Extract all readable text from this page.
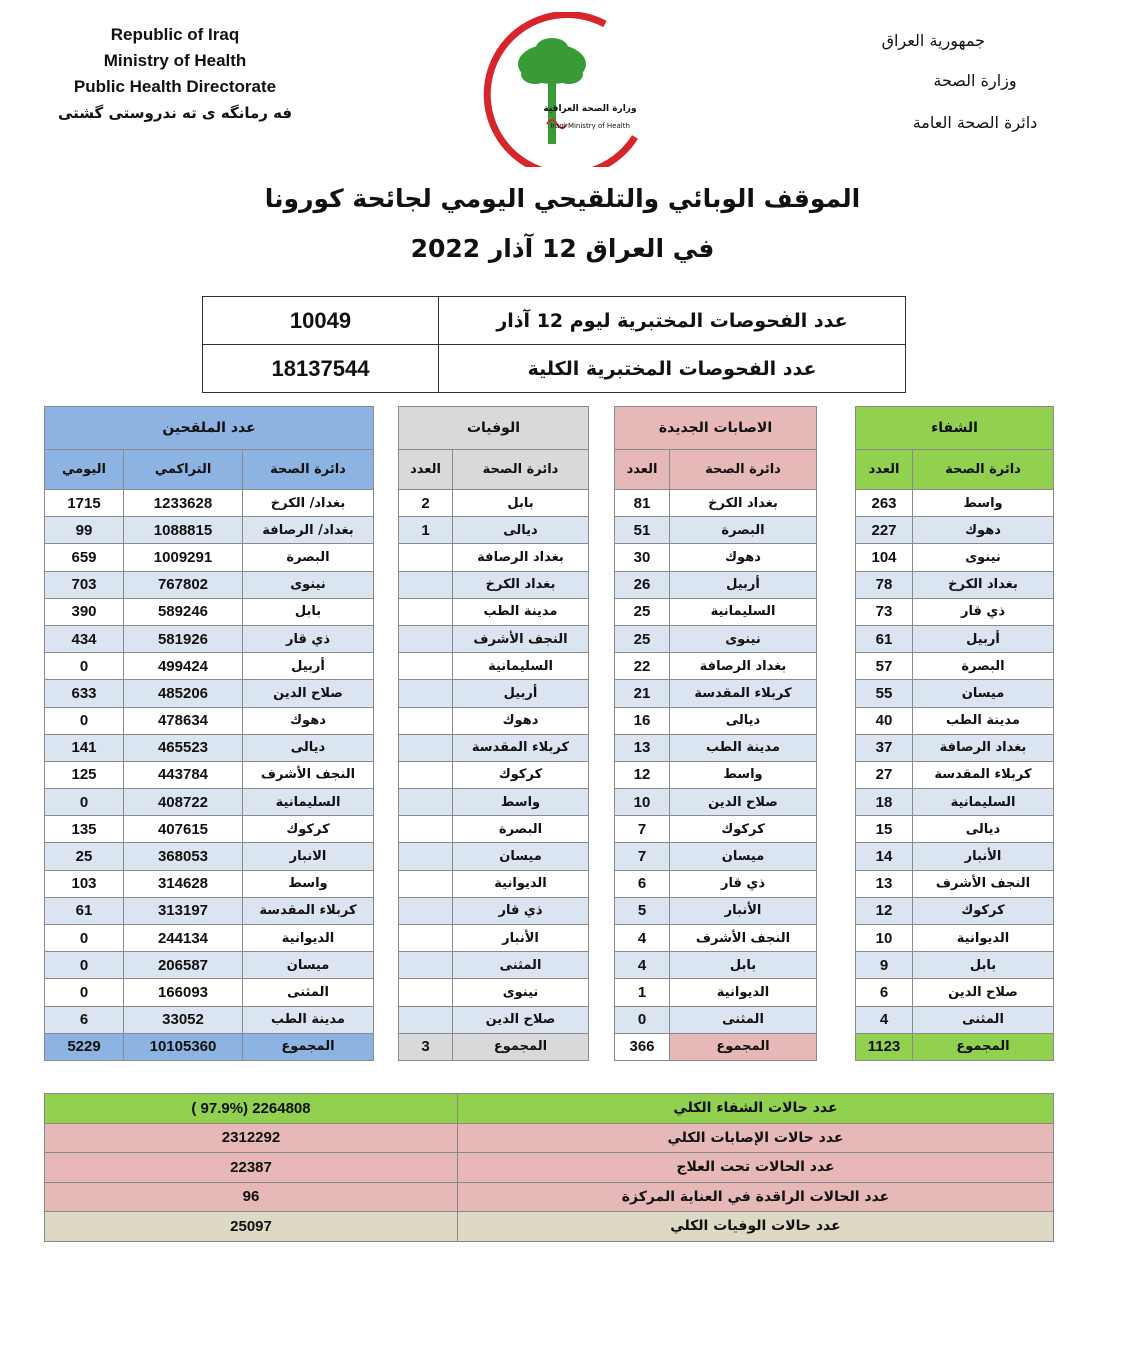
Republic of Iraq
Ministry of Health
Public Health Directorate
فه رمانگه ى ته ندروستى گشتى	وزارة الصحة العراقية
Iraqi Ministry of Health
جمهورية العراق
وزارة الصحة
دائرة الصحة العامة
الموقف الوبائي والتلقيحي اليومي لجائحة كورونا
في العراق 12 آذار 2022
عدد الفحوصات المختبرية ليوم 12 آذار	10049
عدد الفحوصات المختبرية الكلية	18137544
الشفاء	
دائرة الصحة	العدد
واسط	263
دهوك	227
نينوى	104
بغداد الكرخ	78
ذي قار	73
أربيل	61
البصرة	57
ميسان	55
مدينة الطب	40
بغداد الرصافة	37
كربلاء المقدسة	27
السليمانية	18
ديالى	15
الأنبار	14
النجف الأشرف	13
كركوك	12
الديوانية	10
بابل	9
صلاح الدين	6
المثنى	4
المجموع	1123
الاصابات الجديدة	
دائرة الصحة	العدد
بغداد الكرخ	81
البصرة	51
دهوك	30
أربيل	26
السليمانية	25
نينوى	25
بغداد الرصافة	22
كربلاء المقدسة	21
ديالى	16
مدينة الطب	13
واسط	12
صلاح الدين	10
كركوك	7
ميسان	7
ذي قار	6
الأنبار	5
النجف الأشرف	4
بابل	4
الديوانية	1
المثنى	0
المجموع	366
الوفيات	
دائرة الصحة	العدد
بابل	2
ديالى	1
بغداد الرصافة	
بغداد الكرخ	
مدينة الطب	
النجف الأشرف	
السليمانية	
أربيل	
دهوك	
كربلاء المقدسة	
كركوك	
واسط	
البصرة	
ميسان	
الديوانية	
ذي قار	
الأنبار	
المثنى	
نينوى	
صلاح الدين	
المجموع	3
عدد الملقحين		
دائرة الصحة	التراكمي	اليومي
بغداد/ الكرخ	1233628	1715
بغداد/ الرصافة	1088815	99
البصرة	1009291	659
نينوى	767802	703
بابل	589246	390
ذي قار	581926	434
أربيل	499424	0
صلاح الدين	485206	633
دهوك	478634	0
ديالى	465523	141
النجف الأشرف	443784	125
السليمانية	408722	0
كركوك	407615	135
الانبار	368053	25
واسط	314628	103
كربلاء المقدسة	313197	61
الديوانية	244134	0
ميسان	206587	0
المثنى	166093	0
مدينة الطب	33052	6
المجموع	10105360	5229
عدد حالات الشفاء الكلي	( 97.9%) 2264808
عدد حالات الإصابات الكلي	2312292
عدد الحالات تحت العلاج	22387
عدد الحالات الراقدة في العناية المركزة	96
عدد حالات الوفيات الكلي	25097
